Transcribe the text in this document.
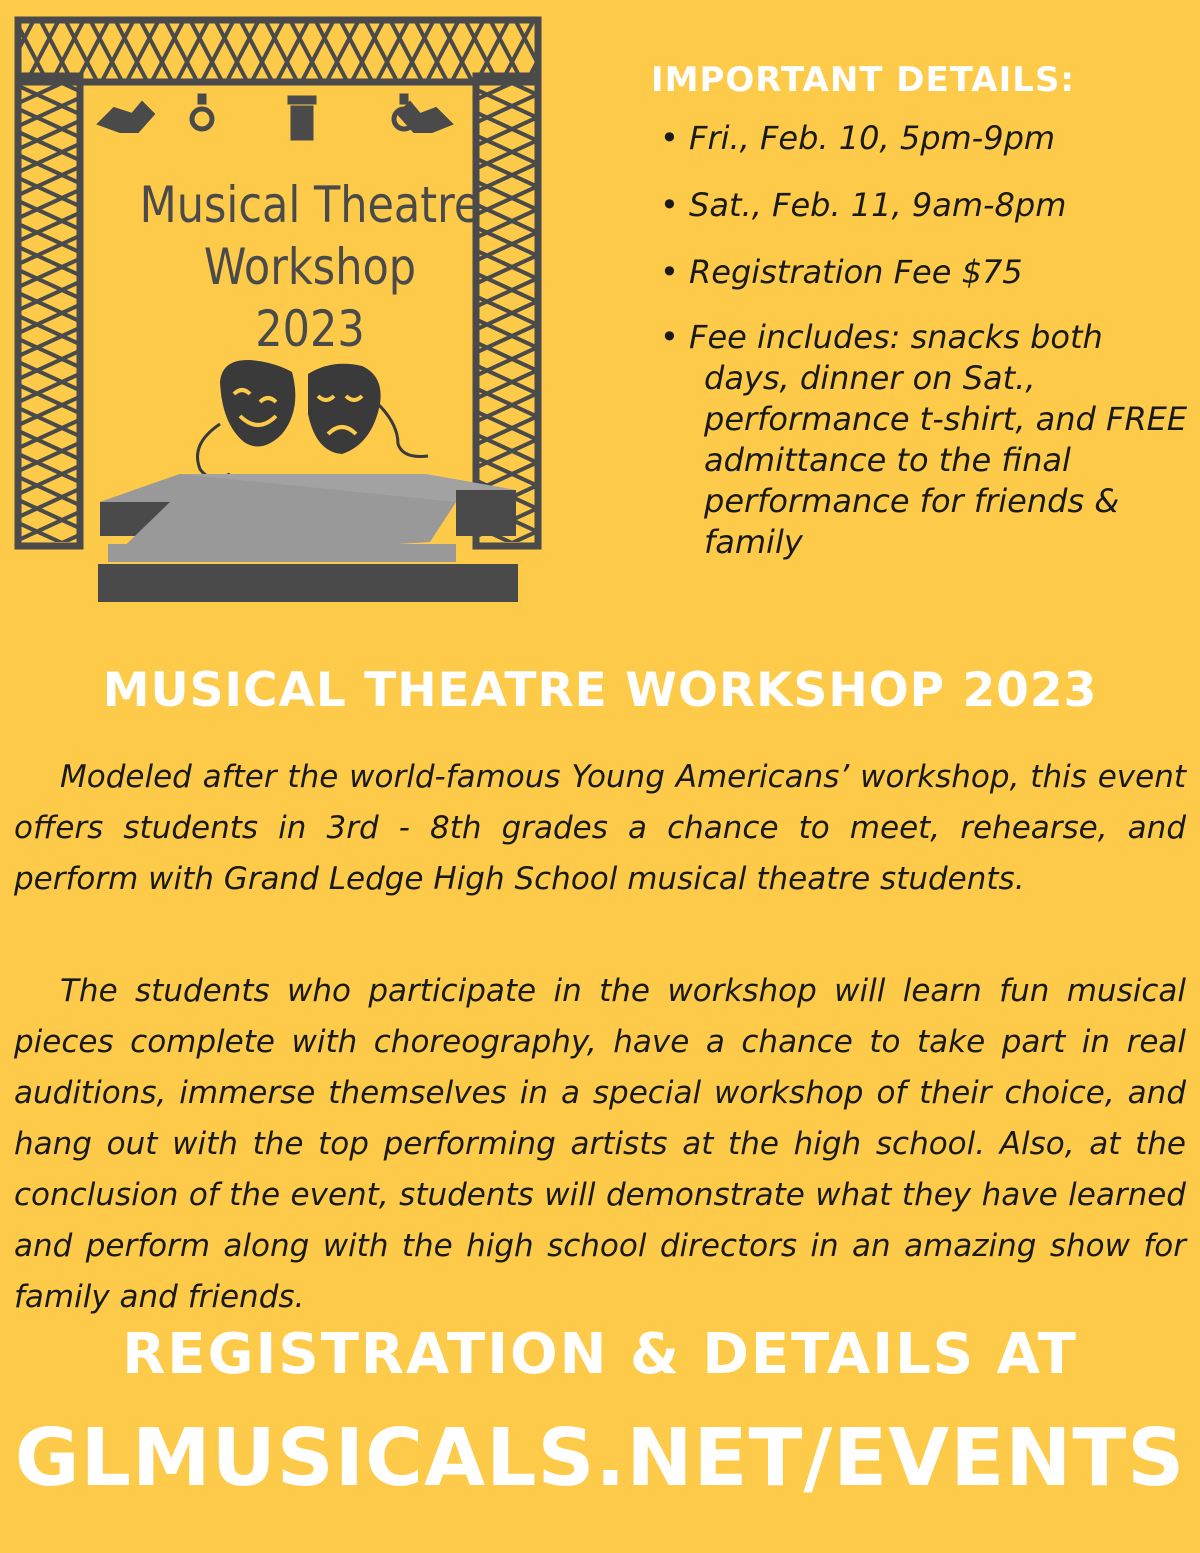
Musical Theatre
Workshop
2023
IMPORTANT DETAILS:
• Fri., Feb. 10, 5pm-9pm
• Sat., Feb. 11, 9am-8pm
• Registration Fee $75
• Fee includes: snacks both days, dinner on Sat., performance t-shirt, and FREE admittance to the final performance for friends & family
MUSICAL THEATRE WORKSHOP 2023

Modeled after the world-famous Young Americans’ workshop, this event offers students in 3rd - 8th grades a chance to meet, rehearse, and perform with Grand Ledge High School musical theatre students.

The students who participate in the workshop will learn fun musical pieces complete with choreography, have a chance to take part in real auditions, immerse themselves in a special workshop of their choice, and hang out with the top performing artists at the high school. Also, at the conclusion of the event, students will demonstrate what they have learned and perform along with the high school directors in an amazing show for family and friends.

REGISTRATION & DETAILS AT
GLMUSICALS.NET/EVENTS
